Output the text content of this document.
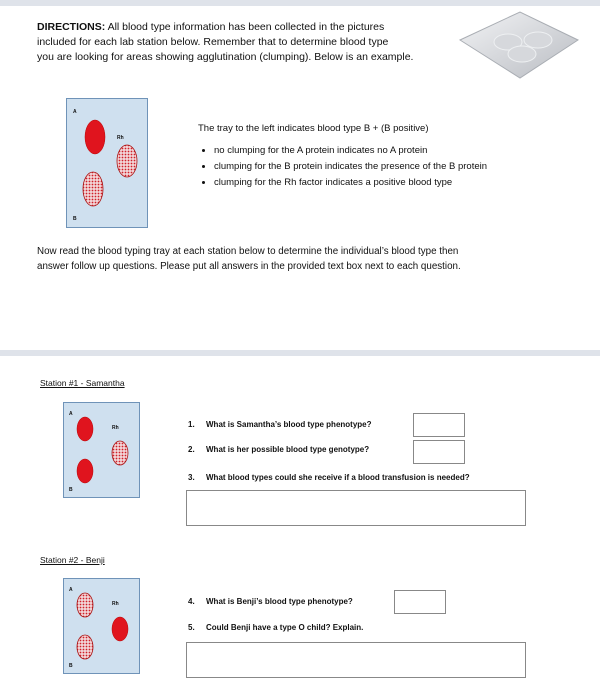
DIRECTIONS: All blood type information has been collected in the pictures
included for each lab station below. Remember that to determine blood type
you are looking for areas showing agglutination (clumping). Below is an example.
A
Rh
B
The tray to the left indicates blood type B + (B positive)
• no clumping for the A protein indicates no A protein
• clumping for the B protein indicates the presence of the B protein
• clumping for the Rh factor indicates a positive blood type
Now read the blood typing tray at each station below to determine the individual’s blood type then
answer follow up questions. Please put all answers in the provided text box next to each question.
Station #1 - Samantha
A
Rh
B
1. What is Samantha’s blood type phenotype?
2. What is her possible blood type genotype?
3. What blood types could she receive if a blood transfusion is needed?
Station #2 - Benji
A
Rh
B
4. What is Benji’s blood type phenotype?
5. Could Benji have a type O child? Explain.
